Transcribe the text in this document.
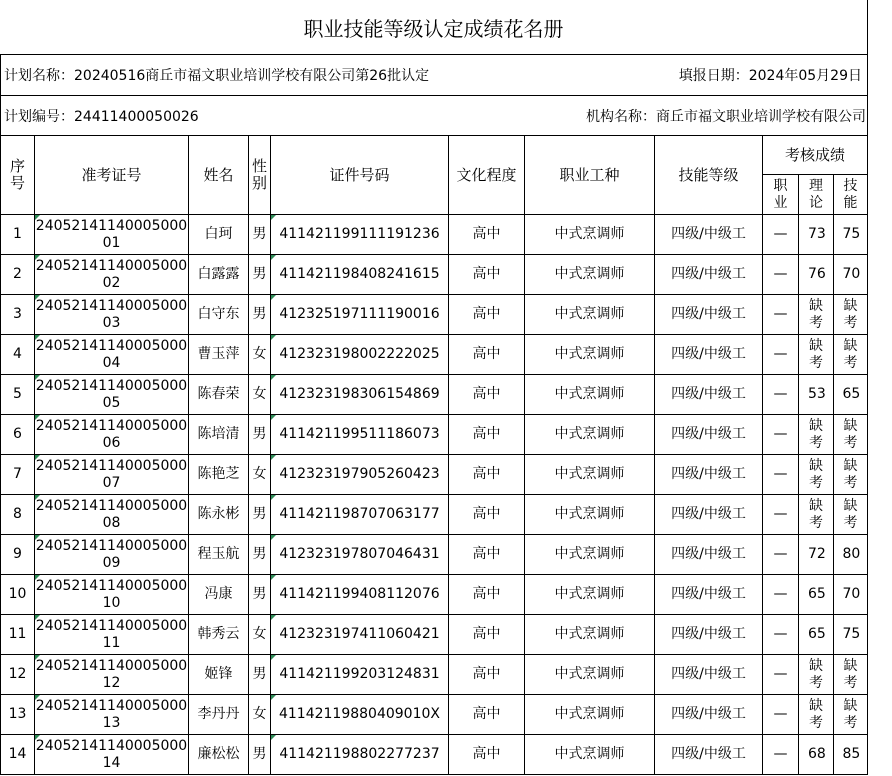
职业技能等级认定成绩花名册
计划名称：20240516商丘市福文职业培训学校有限公司第26批认定	填报日期：2024年05月29日
计划编号：24411400050026	机构名称：商丘市福文职业培训学校有限公司
序号	准考证号	姓名	性别	证件号码	文化程度	职业工种	技能等级	考核成绩		

								职业	理论	技能

1	2405214114000500001	白珂	男	411421199111191236	高中	中式烹调师	四级/中级工	—	73	75

2	2405214114000500002	白露露	男	411421198408241615	高中	中式烹调师	四级/中级工	—	76	70

3	2405214114000500003	白守东	男	412325197111190016	高中	中式烹调师	四级/中级工	—	缺考	缺考

4	2405214114000500004	曹玉萍	女	412323198002222025	高中	中式烹调师	四级/中级工	—	缺考	缺考

5	2405214114000500005	陈春荣	女	412323198306154869	高中	中式烹调师	四级/中级工	—	53	65

6	2405214114000500006	陈培清	男	411421199511186073	高中	中式烹调师	四级/中级工	—	缺考	缺考

7	2405214114000500007	陈艳芝	女	412323197905260423	高中	中式烹调师	四级/中级工	—	缺考	缺考

8	2405214114000500008	陈永彬	男	411421198707063177	高中	中式烹调师	四级/中级工	—	缺考	缺考

9	2405214114000500009	程玉航	男	412323197807046431	高中	中式烹调师	四级/中级工	—	72	80

10	2405214114000500010	冯康	男	411421199408112076	高中	中式烹调师	四级/中级工	—	65	70

11	2405214114000500011	韩秀云	女	412323197411060421	高中	中式烹调师	四级/中级工	—	65	75

12	2405214114000500012	姬锋	男	411421199203124831	高中	中式烹调师	四级/中级工	—	缺考	缺考

13	2405214114000500013	李丹丹	女	41142119880409010X	高中	中式烹调师	四级/中级工	—	缺考	缺考

14	2405214114000500014	廉松松	男	411421198802277237	高中	中式烹调师	四级/中级工	—	68	85
